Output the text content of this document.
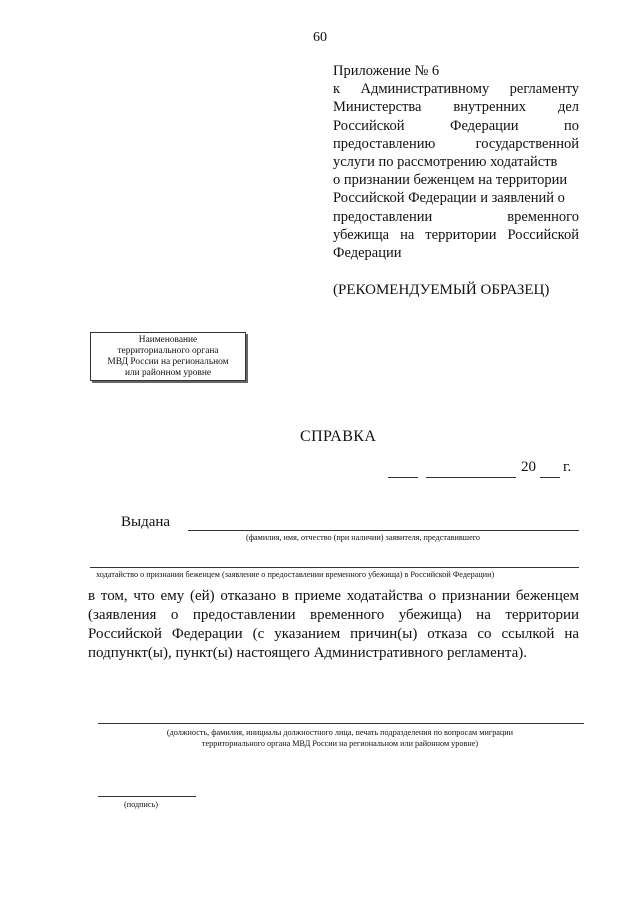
60
Приложение № 6
к Административному регламенту
Министерства внутренних дел
Российской Федерации по
предоставлению государственной
услуги по рассмотрению ходатайств
о признании беженцем на территории
Российской Федерации и заявлений о
предоставлении временного
убежища на территории Российской
Федерации
(РЕКОМЕНДУЕМЫЙ ОБРАЗЕЦ)
Наименование
территориального органа
МВД России на региональном
или районном уровне
СПРАВКА
20 г.
Выдана
(фамилия, имя, отчество (при наличии) заявителя, представившего
ходатайство о признании беженцем (заявление о предоставлении временного убежища) в Российской Федерации)
в том, что ему (ей) отказано в приеме ходатайства о признании беженцем
(заявления о предоставлении временного убежища) на территории
Российской Федерации (с указанием причин(ы) отказа со ссылкой на
подпункт(ы), пункт(ы) настоящего Административного регламента).
(должность, фамилия, инициалы должностного лица, печать подразделения по вопросам миграции
территориального органа МВД России на региональном или районном уровне)
(подпись)
